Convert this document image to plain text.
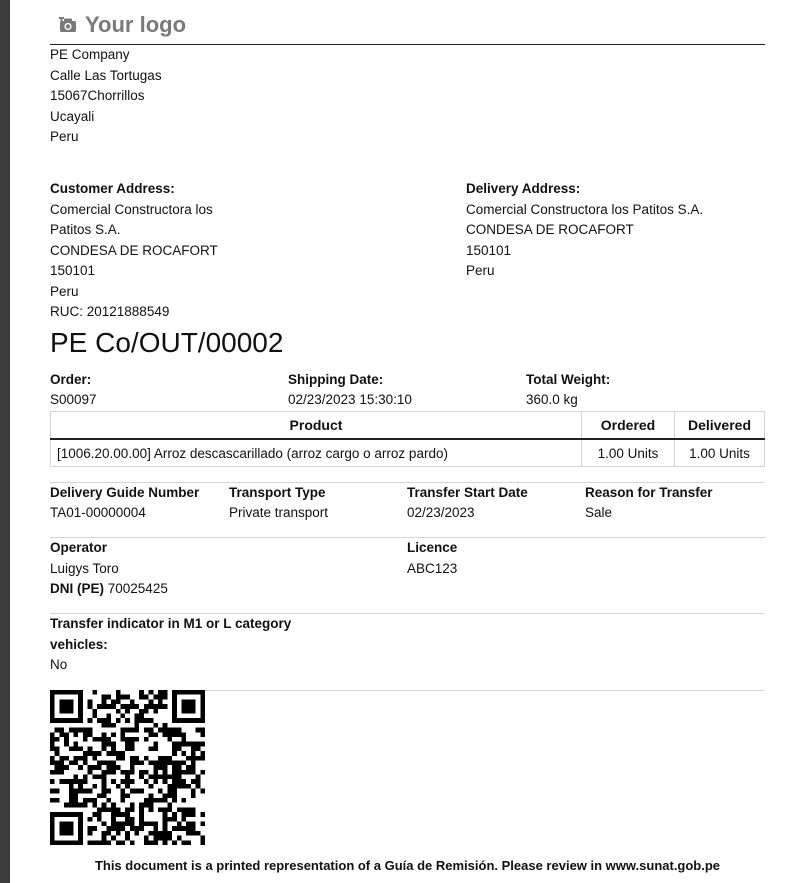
Your logo
PE Company
Calle Las Tortugas
15067Chorrillos
Ucayali
Peru
Customer Address:
Comercial Constructora los
Patitos S.A.
CONDESA DE ROCAFORT
150101
Peru
RUC: 20121888549
Delivery Address:
Comercial Constructora los Patitos S.A.
CONDESA DE ROCAFORT
150101
Peru
PE Co/OUT/00002
Order:
S00097
Shipping Date:
02/23/2023 15:30:10
Total Weight:
360.0 kg
Product	Ordered	Delivered
[1006.20.00.00] Arroz descascarillado (arroz cargo o arroz pardo)	1.00 Units	1.00 Units
Delivery Guide Number
TA01-00000004
Transport Type
Private transport
Transfer Start Date
02/23/2023
Reason for Transfer
Sale
Operator
Luigys Toro
DNI (PE) 70025425
Licence
ABC123
Transfer indicator in M1 or L category
vehicles:
No
This document is a printed representation of a Guía de Remisión. Please review in www.sunat.gob.pe
